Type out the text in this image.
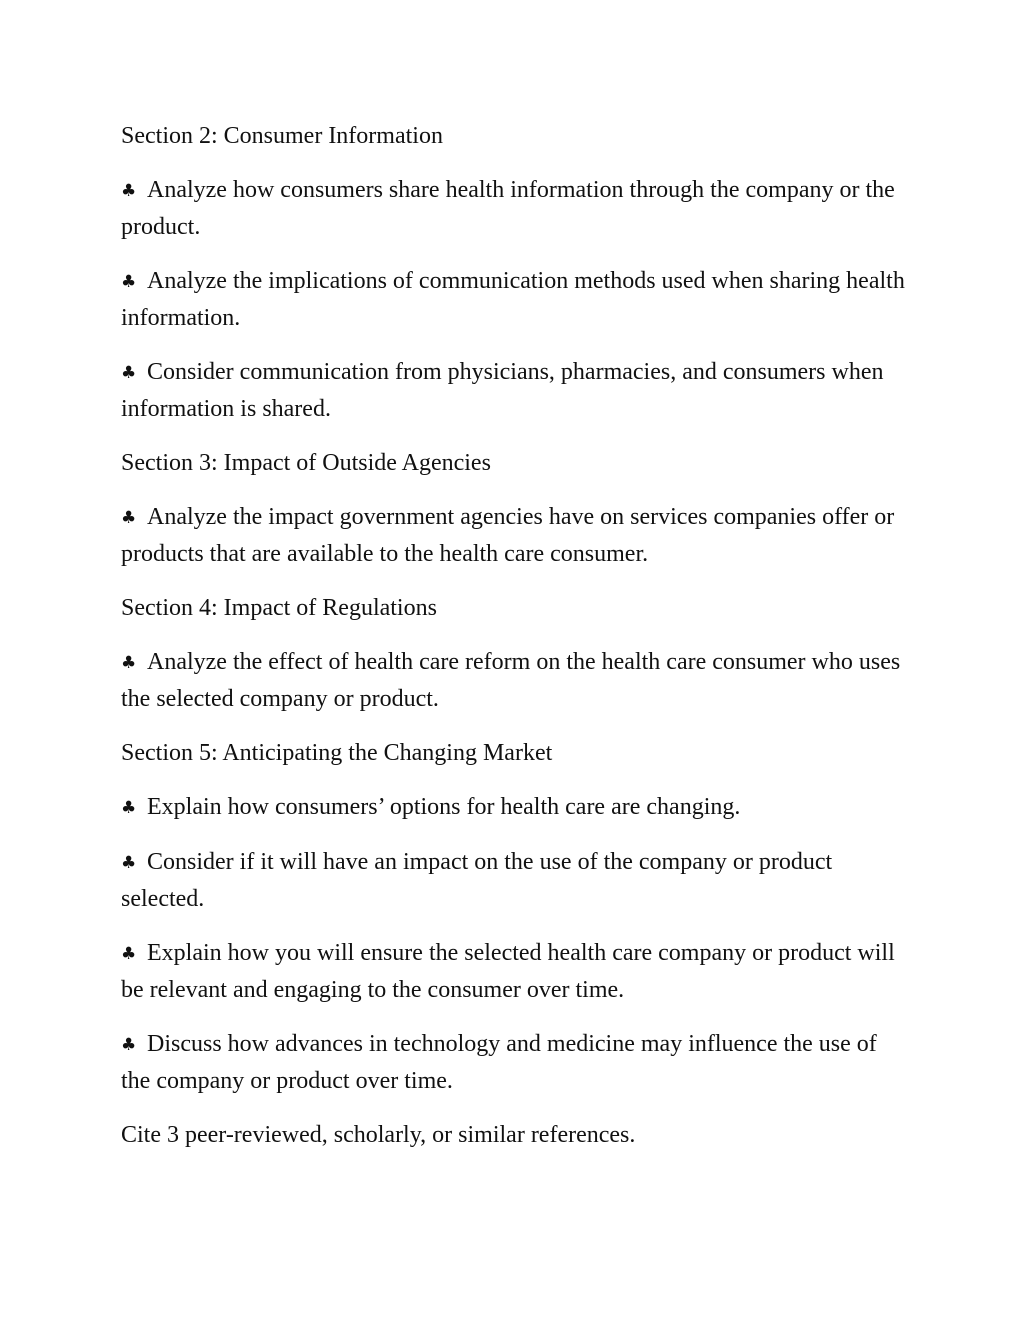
Section 2: Consumer Information

♣ Analyze how consumers share health information through the company or the product.

♣ Analyze the implications of communication methods used when sharing health information.

♣ Consider communication from physicians, pharmacies, and consumers when information is shared.

Section 3: Impact of Outside Agencies

♣ Analyze the impact government agencies have on services companies offer or products that are available to the health care consumer.

Section 4: Impact of Regulations

♣ Analyze the effect of health care reform on the health care consumer who uses the selected company or product.

Section 5: Anticipating the Changing Market

♣ Explain how consumers’ options for health care are changing.

♣ Consider if it will have an impact on the use of the company or product selected.

♣ Explain how you will ensure the selected health care company or product will be relevant and engaging to the consumer over time.

♣ Discuss how advances in technology and medicine may influence the use of the company or product over time.

Cite 3 peer-reviewed, scholarly, or similar references.
